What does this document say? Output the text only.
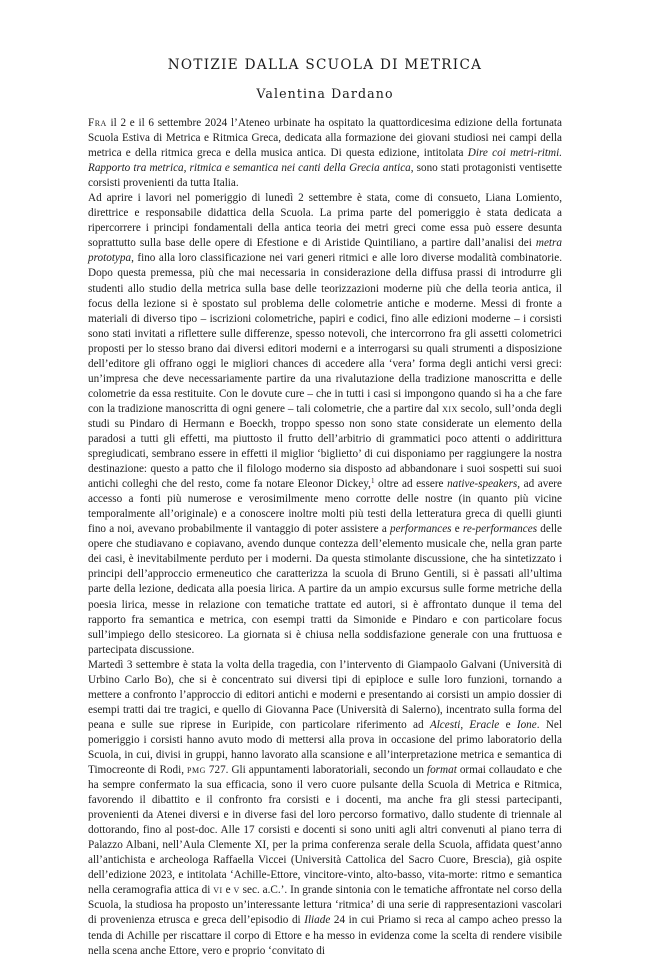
NOTIZIE DALLA SCUOLA DI METRICA
Valentina Dardano

Fra il 2 e il 6 settembre 2024 l’Ateneo urbinate ha ospitato la quattordicesima edizione della fortunata Scuola Estiva di Metrica e Ritmica Greca, dedicata alla formazione dei giovani studiosi nei campi della metrica e della ritmica greca e della musica antica. Di questa edizione, intitolata Dire coi metri-ritmi. Rapporto tra metrica, ritmica e semantica nei canti della Grecia antica, sono stati protagonisti ventisette corsisti provenienti da tutta Italia.

Ad aprire i lavori nel pomeriggio di lunedì 2 settembre è stata, come di consueto, Liana Lomiento, direttrice e responsabile didattica della Scuola. La prima parte del pomeriggio è stata dedicata a ripercorrere i principi fondamentali della antica teoria dei metri greci come essa può essere desunta soprattutto sulla base delle opere di Efestione e di Aristide Quintiliano, a partire dall’analisi dei metra prototypa, fino alla loro classificazione nei vari generi ritmici e alle loro diverse modalità combinatorie. Dopo questa premessa, più che mai necessaria in considerazione della diffusa prassi di introdurre gli studenti allo studio della metrica sulla base delle teorizzazioni moderne più che della teoria antica, il focus della lezione si è spostato sul problema delle colometrie antiche e moderne. Messi di fronte a materiali di diverso tipo – iscrizioni colometriche, papiri e codici, fino alle edizioni moderne – i corsisti sono stati invitati a riflettere sulle differenze, spesso notevoli, che intercorrono fra gli assetti colometrici proposti per lo stesso brano dai diversi editori moderni e a interrogarsi su quali strumenti a disposizione dell’editore gli offrano oggi le migliori chances di accedere alla ‘vera’ forma degli antichi versi greci: un’impresa che deve necessariamente partire da una rivalutazione della tradizione manoscritta e delle colometrie da essa restituite. Con le dovute cure – che in tutti i casi si impongono quando si ha a che fare con la tradizione manoscritta di ogni genere – tali colometrie, che a partire dal xix secolo, sull’onda degli studi su Pindaro di Hermann e Boeckh, troppo spesso non sono state considerate un elemento della paradosi a tutti gli effetti, ma piuttosto il frutto dell’arbitrio di grammatici poco attenti o addirittura spregiudicati, sembrano essere in effetti il miglior ‘biglietto’ di cui disponiamo per raggiungere la nostra destinazione: questo a patto che il filologo moderno sia disposto ad abbandonare i suoi sospetti sui suoi antichi colleghi che del resto, come fa notare Eleonor Dickey,$^1$ oltre ad essere native-speakers, ad avere accesso a fonti più numerose e verosimilmente meno corrotte delle nostre (in quanto più vicine temporalmente all’originale) e a conoscere inoltre molti più testi della letteratura greca di quelli giunti fino a noi, avevano probabilmente il vantaggio di poter assistere a performances e re-performances delle opere che studiavano e copiavano, avendo dunque contezza dell’elemento musicale che, nella gran parte dei casi, è inevitabilmente perduto per i moderni. Da questa stimolante discussione, che ha sintetizzato i principi dell’approccio ermeneutico che caratterizza la scuola di Bruno Gentili, si è passati all’ultima parte della lezione, dedicata alla poesia lirica. A partire da un ampio excursus sulle forme metriche della poesia lirica, messe in relazione con tematiche trattate ed autori, si è affrontato dunque il tema del rapporto fra semantica e metrica, con esempi tratti da Simonide e Pindaro e con particolare focus sull’impiego dello stesicoreo. La giornata si è chiusa nella soddisfazione generale con una fruttuosa e partecipata discussione.

Martedì 3 settembre è stata la volta della tragedia, con l’intervento di Giampaolo Galvani (Università di Urbino Carlo Bo), che si è concentrato sui diversi tipi di epiploce e sulle loro funzioni, tornando a mettere a confronto l’approccio di editori antichi e moderni e presentando ai corsisti un ampio dossier di esempi tratti dai tre tragici, e quello di Giovanna Pace (Università di Salerno), incentrato sulla forma del peana e sulle sue riprese in Euripide, con particolare riferimento ad Alcesti, Eracle e Ione. Nel pomeriggio i corsisti hanno avuto modo di mettersi alla prova in occasione del primo laboratorio della Scuola, in cui, divisi in gruppi, hanno lavorato alla scansione e all’interpretazione metrica e semantica di Timocreonte di Rodi, pmg 727. Gli appuntamenti laboratoriali, secondo un format ormai collaudato e che ha sempre confermato la sua efficacia, sono il vero cuore pulsante della Scuola di Metrica e Ritmica, favorendo il dibattito e il confronto fra corsisti e i docenti, ma anche fra gli stessi partecipanti, provenienti da Atenei diversi e in diverse fasi del loro percorso formativo, dallo studente di triennale al dottorando, fino al post-doc. Alle 17 corsisti e docenti si sono uniti agli altri convenuti al piano terra di Palazzo Albani, nell’Aula Clemente XI, per la prima conferenza serale della Scuola, affidata quest’anno all’antichista e archeologa Raffaella Viccei (Università Cattolica del Sacro Cuore, Brescia), già ospite dell’edizione 2023, e intitolata ‘Achille-Ettore, vincitore-vinto, alto-basso, vita-morte: ritmo e semantica nella ceramografia attica di vi e v sec. a.C.’. In grande sintonia con le tematiche affrontate nel corso della Scuola, la studiosa ha proposto un’interessante lettura ‘ritmica’ di una serie di rappresentazioni vascolari di provenienza etrusca e greca dell’episodio di Iliade 24 in cui Priamo si reca al campo acheo presso la tenda di Achille per riscattare il corpo di Ettore e ha messo in evidenza come la scelta di rendere visibile nella scena anche Ettore, vero e proprio ‘convitato di
